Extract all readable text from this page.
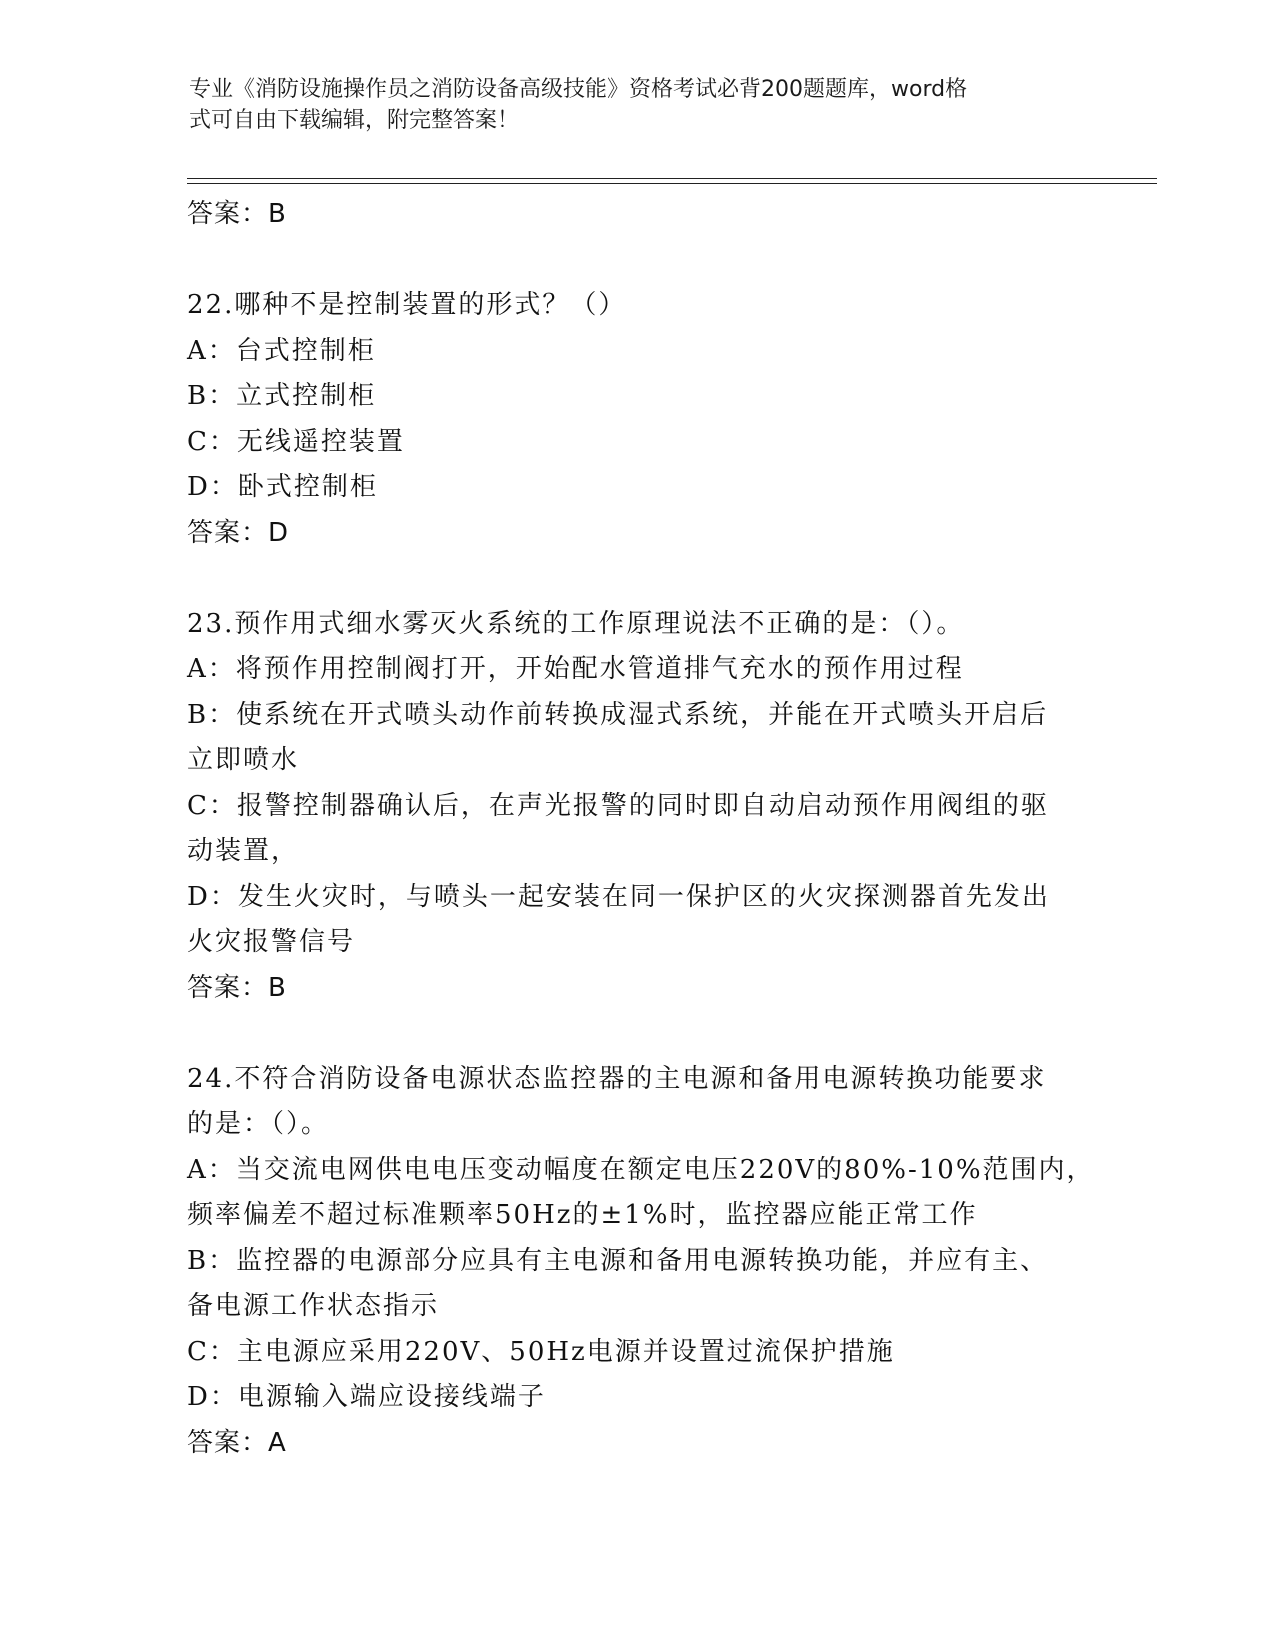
专业《消防设施操作员之消防设备高级技能》资格考试必背200题题库，word格
式可自由下载编辑，附完整答案！
答案：B
22.哪种不是控制装置的形式？（）
A：台式控制柜
B：立式控制柜
C：无线遥控装置
D：卧式控制柜
答案：D
23.预作用式细水雾灭火系统的工作原理说法不正确的是：（）。
A：将预作用控制阀打开，开始配水管道排气充水的预作用过程
B：使系统在开式喷头动作前转换成湿式系统，并能在开式喷头开启后
立即喷水
C：报警控制器确认后，在声光报警的同时即自动启动预作用阀组的驱
动装置，
D：发生火灾时，与喷头一起安装在同一保护区的火灾探测器首先发出
火灾报警信号
答案：B
24.不符合消防设备电源状态监控器的主电源和备用电源转换功能要求
的是：（）。
A：当交流电网供电电压变动幅度在额定电压220V的80%-10%范围内，
频率偏差不超过标准颗率50Hz的±1%时，监控器应能正常工作
B：监控器的电源部分应具有主电源和备用电源转换功能，并应有主、
备电源工作状态指示
C：主电源应采用220V、50Hz电源并设置过流保护措施
D：电源输入端应设接线端子
答案：A
